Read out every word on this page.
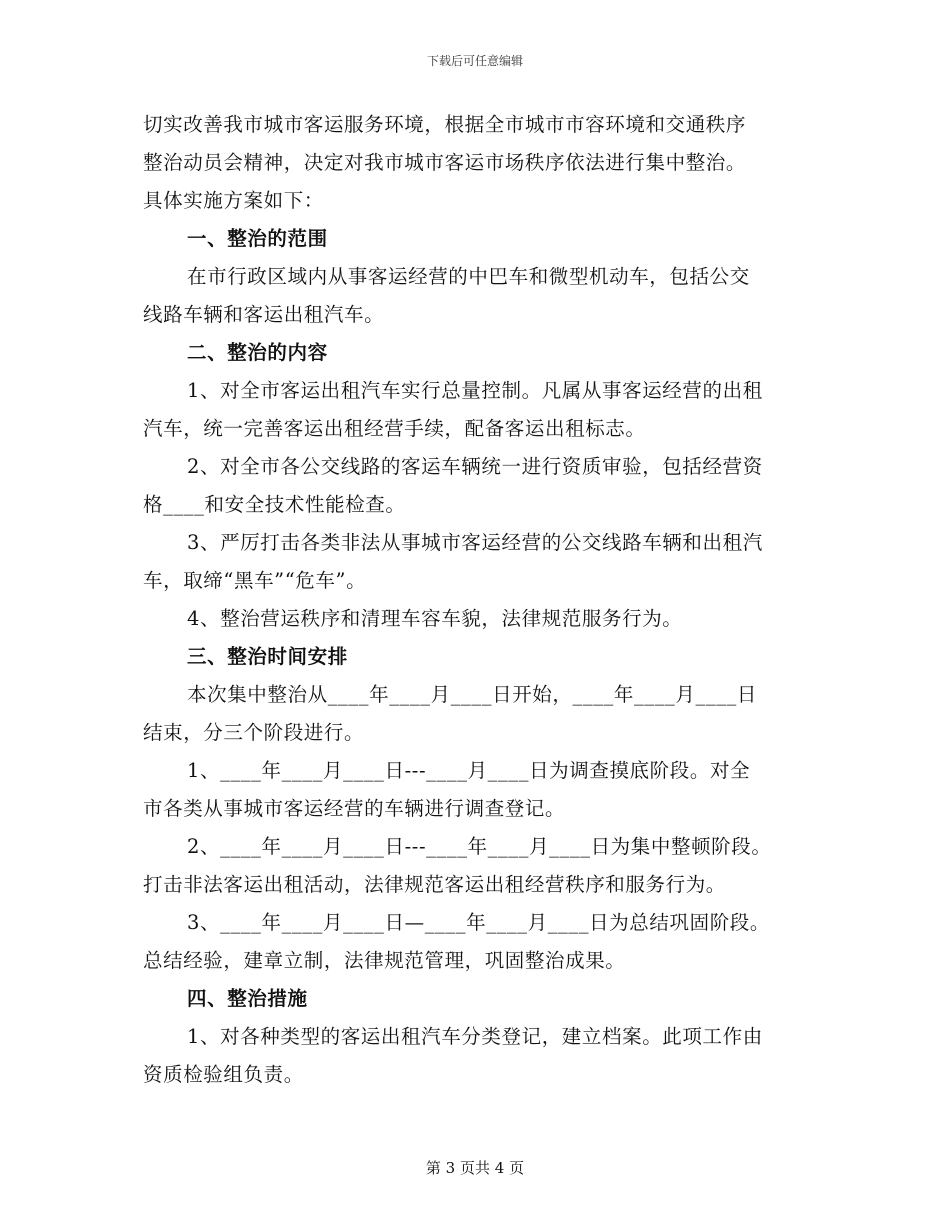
下载后可任意编辑
切实改善我市城市客运服务环境，根据全市城市市容环境和交通秩序
整治动员会精神，决定对我市城市客运市场秩序依法进行集中整治。
具体实施方案如下：
一、整治的范围
在市行政区域内从事客运经营的中巴车和微型机动车，包括公交
线路车辆和客运出租汽车。
二、整治的内容
1、对全市客运出租汽车实行总量控制。凡属从事客运经营的出租
汽车，统一完善客运出租经营手续，配备客运出租标志。
2、对全市各公交线路的客运车辆统一进行资质审验，包括经营资
格____和安全技术性能检查。
3、严厉打击各类非法从事城市客运经营的公交线路车辆和出租汽
车，取缔“黑车”“危车”。
4、整治营运秩序和清理车容车貌，法律规范服务行为。
三、整治时间安排
本次集中整治从____年____月____日开始，____年____月____日
结束，分三个阶段进行。
1、____年____月____日---____月____日为调查摸底阶段。对全
市各类从事城市客运经营的车辆进行调查登记。
2、____年____月____日---____年____月____日为集中整顿阶段。
打击非法客运出租活动，法律规范客运出租经营秩序和服务行为。
3、____年____月____日—____年____月____日为总结巩固阶段。
总结经验，建章立制，法律规范管理，巩固整治成果。
四、整治措施
1、对各种类型的客运出租汽车分类登记，建立档案。此项工作由
资质检验组负责。
第 3 页共 4 页
